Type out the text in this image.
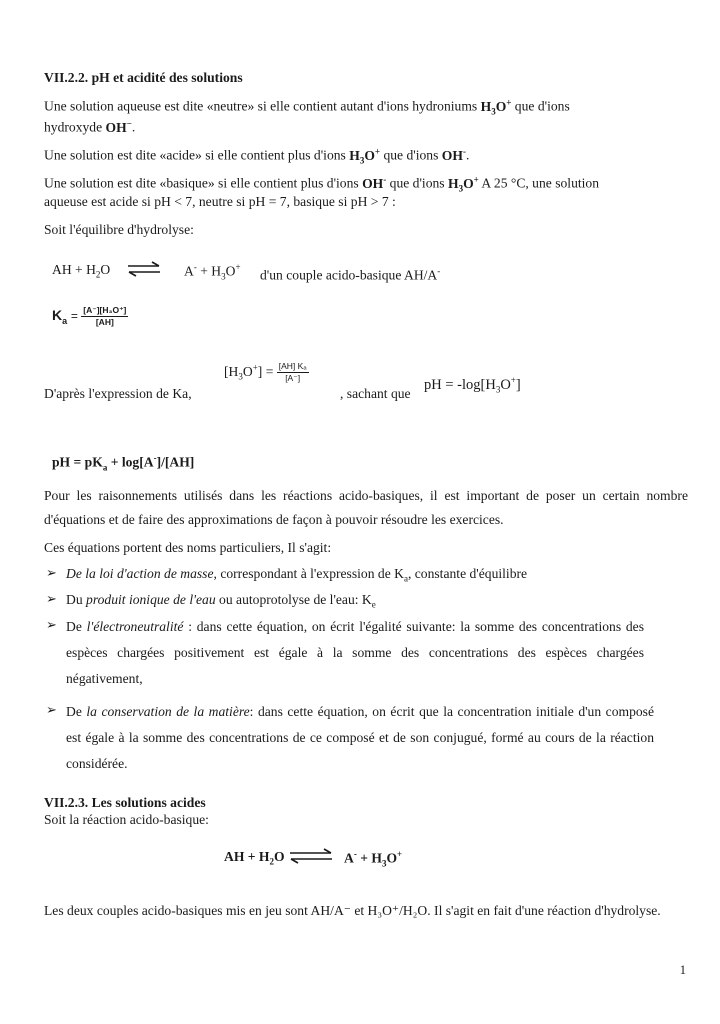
VII.2.2. pH et acidité des solutions
Une solution aqueuse est dite «neutre» si elle contient autant d'ions hydroniums $H_3O^+$ que d'ions
hydroxyde OH−.
Une solution est dite «acide» si elle contient plus d'ions $H_3O^+$ que d'ions OH-.
Une solution est dite «basique» si elle contient plus d'ions OH- que d'ions $H_3O^+$ A 25 °C, une solution
aqueuse est acide si pH < 7, neutre si pH = 7, basique si pH > 7 :
Soit l'équilibre d'hydrolyse:
AH + $H_2O$ ⇌ $A^- + H_3O^+$
d'un couple acido-basique AH/A-
$K_a = \frac{\text{[A⁻][H₃O⁺]}}{[AH]}$
D'après l'expression de Ka,
$[H_3O^+] = \frac{\text{[AH] Kₐ}}{[A^-]}$
, sachant que
pH = $-\log[H_3O^+]$
pH = $pK_a + \log[A^-]/[AH]$
Pour les raisonnements utilisés dans les réactions acido-basiques, il est important de poser un certain nombre d'équations et de faire des approximations de façon à pouvoir résoudre les exercices.
Ces équations portent des noms particuliers, Il s'agit:
➢ De la loi d'action de masse, correspondant à l'expression de $K_a$, constante d'équilibre
➢ Du produit ionique de l'eau ou autoprotolyse de l'eau: $K_e$
➢ De l'électroneutralité : dans cette équation, on écrit l'égalité suivante: la somme des concentrations des espèces chargées positivement est égale à la somme des concentrations des espèces chargées négativement,
➢ De la conservation de la matière: dans cette équation, on écrit que la concentration initiale d'un composé est égale à la somme des concentrations de ce composé et de son conjugué, formé au cours de la réaction considérée.
VII.2.3. Les solutions acides
Soit la réaction acido-basique:
AH + $H_2O$ ⇌ $A^- + H_3O^+$
Les deux couples acido-basiques mis en jeu sont AH/A⁻ et H₃O⁺/H₂O. Il s'agit en fait d'une réaction d'hydrolyse.
1
